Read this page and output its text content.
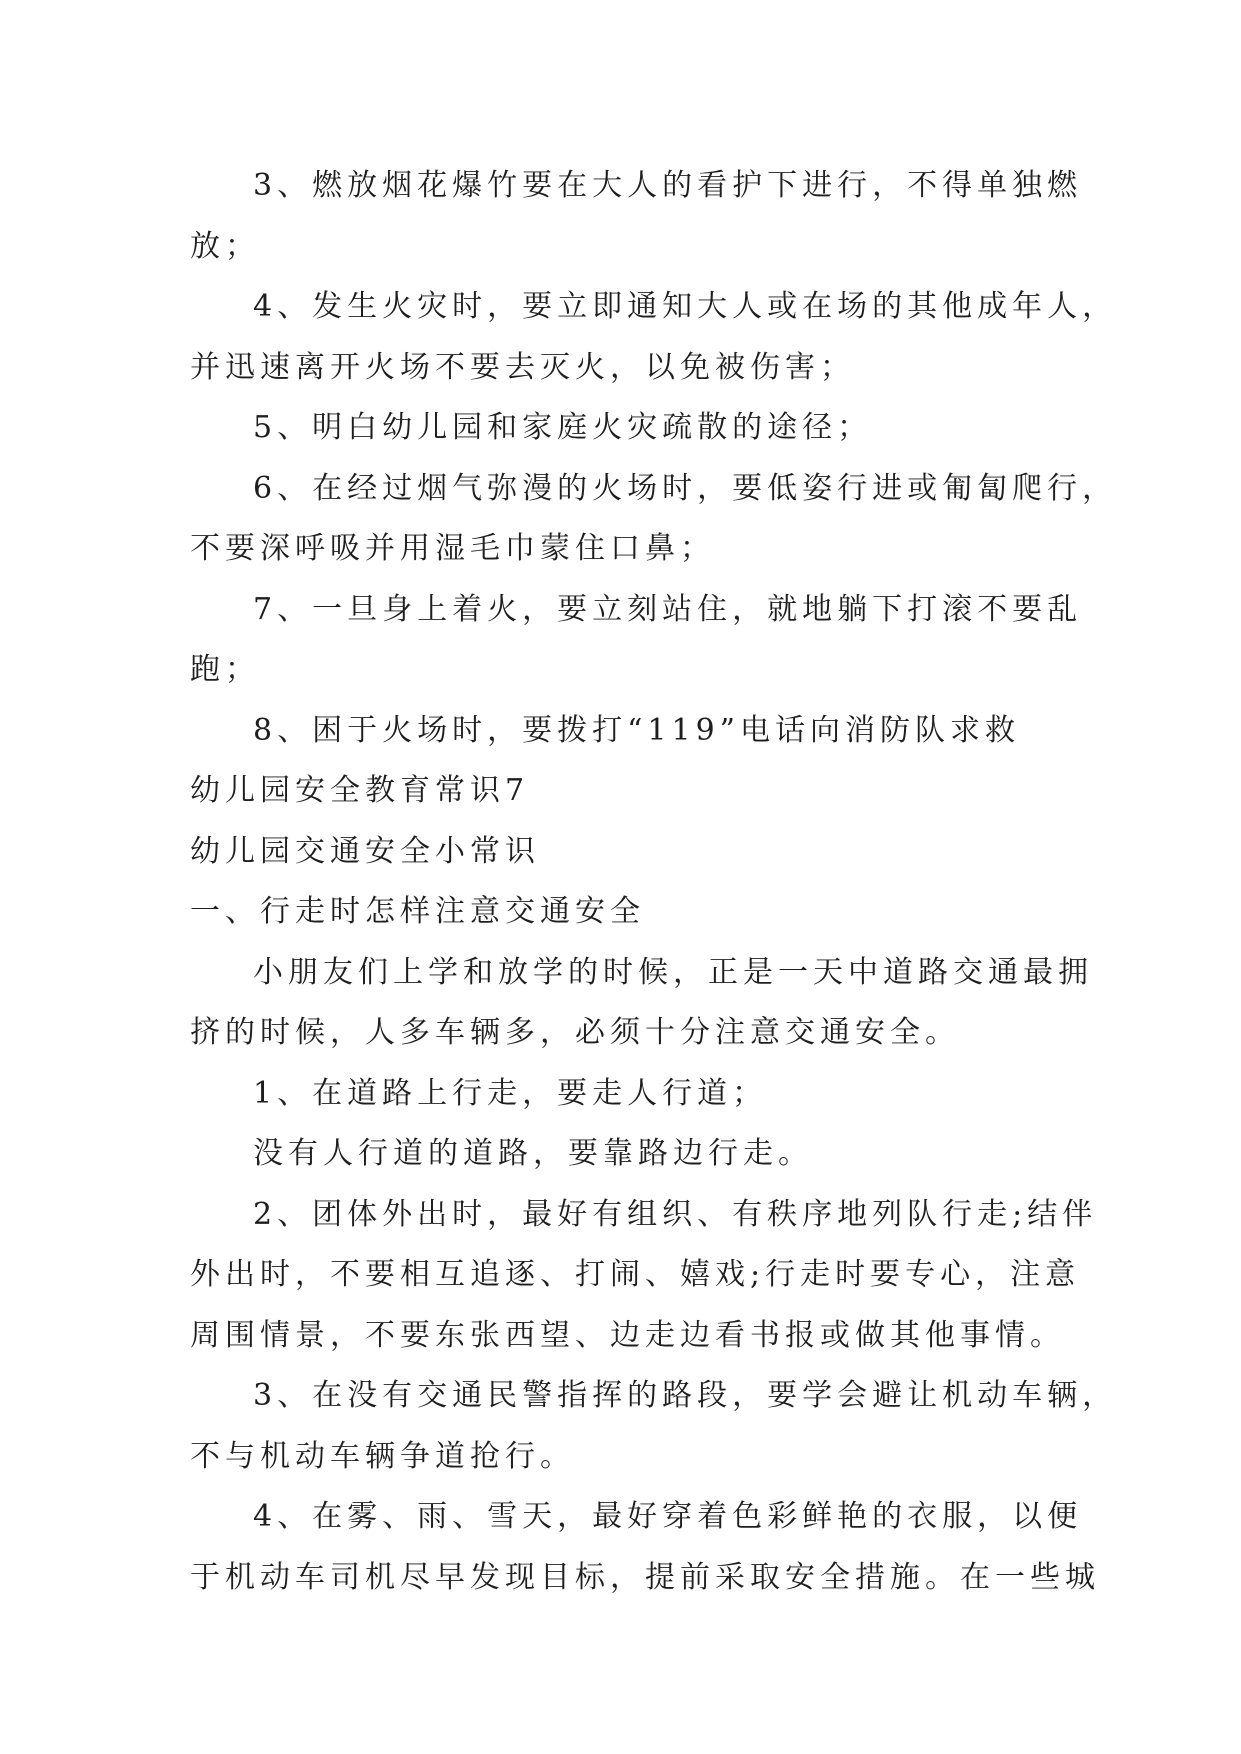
3、燃放烟花爆竹要在大人的看护下进行，不得单独燃
放；

4、发生火灾时，要立即通知大人或在场的其他成年人，
并迅速离开火场不要去灭火，以免被伤害；

5、明白幼儿园和家庭火灾疏散的途径；

6、在经过烟气弥漫的火场时，要低姿行进或匍匐爬行，
不要深呼吸并用湿毛巾蒙住口鼻；

7、一旦身上着火，要立刻站住，就地躺下打滚不要乱
跑；

8、困于火场时，要拨打“119”电话向消防队求救

幼儿园安全教育常识7

幼儿园交通安全小常识

一、行走时怎样注意交通安全

小朋友们上学和放学的时候，正是一天中道路交通最拥
挤的时候，人多车辆多，必须十分注意交通安全。

1、在道路上行走，要走人行道；

没有人行道的道路，要靠路边行走。

2、团体外出时，最好有组织、有秩序地列队行走;结伴
外出时，不要相互追逐、打闹、嬉戏;行走时要专心，注意
周围情景，不要东张西望、边走边看书报或做其他事情。

3、在没有交通民警指挥的路段，要学会避让机动车辆，
不与机动车辆争道抢行。

4、在雾、雨、雪天，最好穿着色彩鲜艳的衣服，以便
于机动车司机尽早发现目标，提前采取安全措施。在一些城
